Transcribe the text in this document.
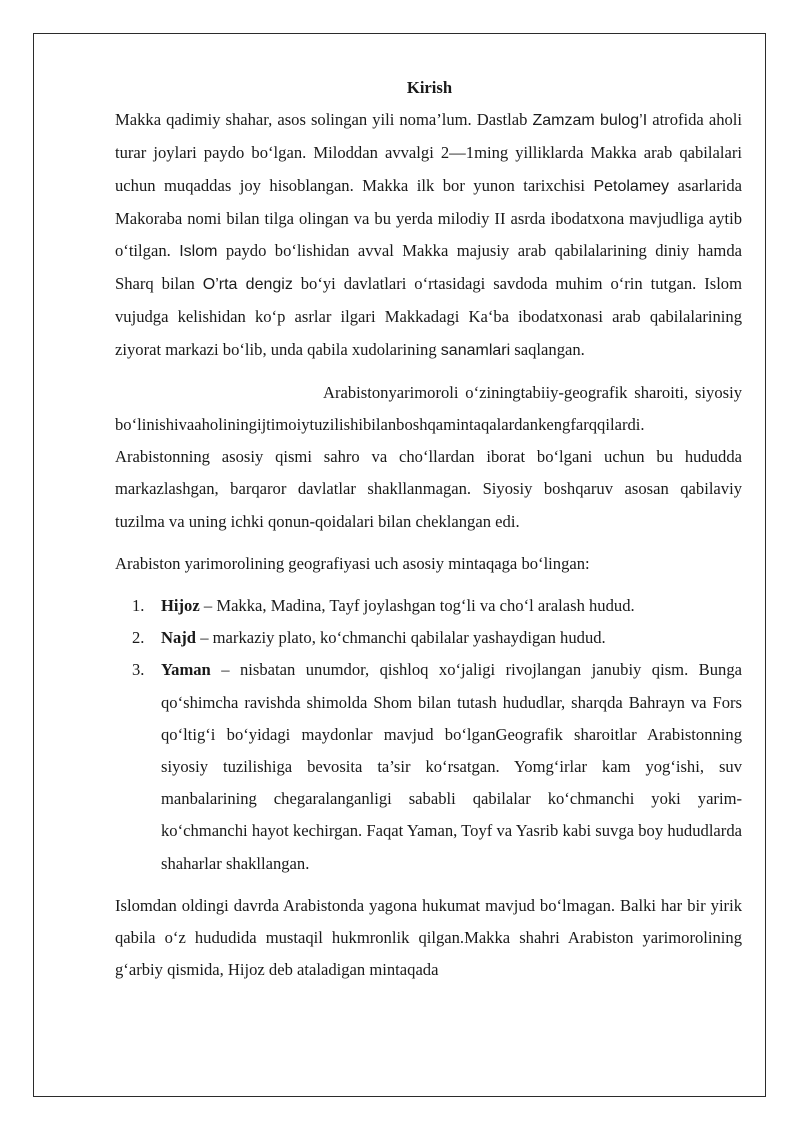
Kirish

Makka qadimiy shahar, asos solingan yili noma’lum. Dastlab Zamzam bulog’I atrofida aholi turar joylari paydo bo‘lgan. Miloddan avvalgi 2—1ming yilliklarda Makka arab qabilalari uchun muqaddas joy hisoblangan. Makka ilk bor yunon tarixchisi Petolamey asarlarida Makoraba nomi bilan tilga olingan va bu yerda milodiy II asrda ibodatxona mavjudliga aytib o‘tilgan. Islom paydo bo‘lishidan avval Makka majusiy arab qabilalarining diniy hamda Sharq bilan O’rta dengiz bo‘yi davlatlari o‘rtasidagi savdoda muhim o‘rin tutgan. Islom vujudga kelishidan ko‘p asrlar ilgari Makkadagi Ka‘ba ibodatxonasi arab qabilalarining ziyorat markazi bo‘lib, unda qabila xudolarining sanamlari saqlangan.

Arabistonyarimoroli o‘ziningtabiiy-geografik sharoiti, siyosiybo‘linishivaaholiningijtimoiytuzilishibilanboshqamintaqalardankengfarqqilardi. Arabistonning asosiy qismi sahro va cho‘llardan iborat bo‘lgani uchun bu hududda markazlashgan, barqaror davlatlar shakllanmagan. Siyosiy boshqaruv asosan qabilaviy tuzilma va uning ichki qonun-qoidalari bilan cheklangan edi.

Arabiston yarimorolining geografiyasi uch asosiy mintaqaga bo‘lingan:

1. Hijoz – Makka, Madina, Tayf joylashgan tog‘li va cho‘l aralash hudud.
2. Najd – markaziy plato, ko‘chmanchi qabilalar yashaydigan hudud.
3. Yaman – nisbatan unumdor, qishloq xo‘jaligi rivojlangan janubiy qism. Bunga qo‘shimcha ravishda shimolda Shom bilan tutash hududlar, sharqda Bahrayn va Fors qo‘ltig‘i bo‘yidagi maydonlar mavjud bo‘lganGeografik sharoitlar Arabistonning siyosiy tuzilishiga bevosita ta’sir ko‘rsatgan. Yomg‘irlar kam yog‘ishi, suv manbalarining chegaralanganligi sababli qabilalar ko‘chmanchi yoki yarim-ko‘chmanchi hayot kechirgan. Faqat Yaman, Toyf va Yasrib kabi suvga boy hududlarda shaharlar shakllangan.

Islomdan oldingi davrda Arabistonda yagona hukumat mavjud bo‘lmagan. Balki har bir yirik qabila o‘z hududida mustaqil hukmronlik qilgan.Makka shahri Arabiston yarimorolining g‘arbiy qismida, Hijoz deb ataladigan mintaqada
